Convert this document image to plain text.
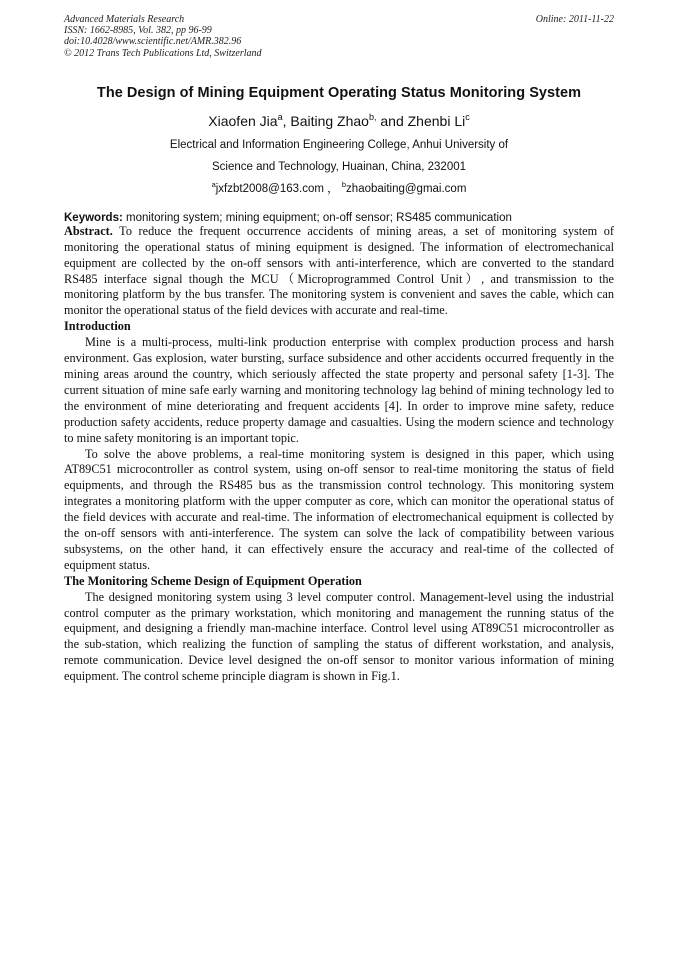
Advanced Materials Research
ISSN: 1662-8985, Vol. 382, pp 96-99
doi:10.4028/www.scientific.net/AMR.382.96
© 2012 Trans Tech Publications Ltd, Switzerland
Online: 2011-11-22
The Design of Mining Equipment Operating Status Monitoring System
Xiaofen Jia$^a$, Baiting Zhao$^{b,}$ and Zhenbi Li$^c$
Electrical and Information Engineering College, Anhui University of
Science and Technology, Huainan, China, 232001
$^a$jxfzbt2008@163.com ， $^b$zhaobaiting@gmai.com
Keywords: monitoring system; mining equipment; on-off sensor; RS485 communication

Abstract. To reduce the frequent occurrence accidents of mining areas, a set of monitoring system of monitoring the operational status of mining equipment is designed. The information of electromechanical equipment are collected by the on-off sensors with anti-interference, which are converted to the standard RS485 interface signal though the MCU（Microprogrammed Control Unit）, and transmission to the monitoring platform by the bus transfer. The monitoring system is convenient and saves the cable, which can monitor the operational status of the field devices with accurate and real-time.

Introduction

Mine is a multi-process, multi-link production enterprise with complex production process and harsh environment. Gas explosion, water bursting, surface subsidence and other accidents occurred frequently in the mining areas around the country, which seriously affected the state property and personal safety [1-3]. The current situation of mine safe early warning and monitoring technology lag behind of mining technology led to the environment of mine deteriorating and frequent accidents [4]. In order to improve mine safety, reduce production safety accidents, reduce property damage and casualties. Using the modern science and technology to mine safety monitoring is an important topic.

To solve the above problems, a real-time monitoring system is designed in this paper, which using AT89C51 microcontroller as control system, using on-off sensor to real-time monitoring the status of field equipments, and through the RS485 bus as the transmission control technology. This monitoring system integrates a monitoring platform with the upper computer as core, which can monitor the operational status of the field devices with accurate and real-time. The information of electromechanical equipment is collected by the on-off sensors with anti-interference. The system can solve the lack of compatibility between various subsystems, on the other hand, it can effectively ensure the accuracy and real-time of the collected of equipment status.

The Monitoring Scheme Design of Equipment Operation

The designed monitoring system using 3 level computer control. Management-level using the industrial control computer as the primary workstation, which monitoring and management the running status of the equipment, and designing a friendly man-machine interface. Control level using AT89C51 microcontroller as the sub-station, which realizing the function of sampling the status of different workstation, and analysis, remote communication. Device level designed the on-off sensor to monitor various information of mining equipment. The control scheme principle diagram is shown in Fig.1.
